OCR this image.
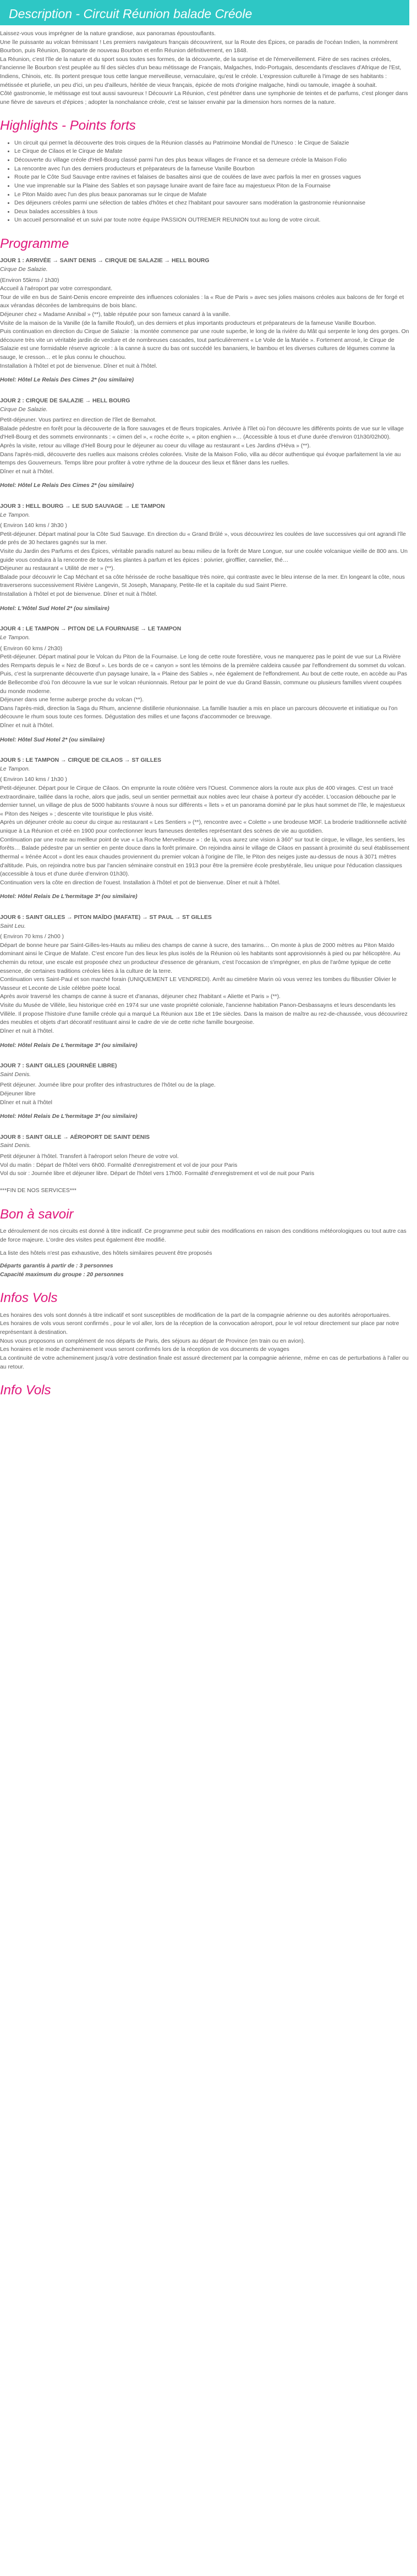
Description - Circuit Réunion balade Créole

Laissez-vous vous imprégner de la nature grandiose, aux panoramas époustouflants.

Une île puissante au volcan frémissant ! Les premiers navigateurs français découvrirent, sur la Route des Épices, ce paradis de l'océan Indien, la nommèrent Bourbon, puis Réunion, Bonaparte de nouveau Bourbon et enfin Réunion définitivement, en 1848.

La Réunion, c'est l'île de la nature et du sport sous toutes ses formes, de la découverte, de la surprise et de l'émerveillement. Fière de ses racines créoles, l'ancienne île Bourbon s'est peuplée au fil des siècles d'un beau métissage de Français, Malgaches, Indo-Portugais, descendants d'esclaves d'Afrique de l'Est, Indiens, Chinois, etc. Ils portent presque tous cette langue merveilleuse, vernaculaire, qu'est le créole. L'expression culturelle à l'image de ses habitants : métissée et plurielle, un peu d'ici, un peu d'ailleurs, héritée de vieux français, épicée de mots d'origine malgache, hindi ou tamoule, imagée à souhait.

Côté gastronomie, le métissage est tout aussi savoureux ! Découvrir La Réunion, c'est pénétrer dans une symphonie de teintes et de parfums, c'est plonger dans une fièvre de saveurs et d'épices ; adopter la nonchalance créole, c'est se laisser envahir par la dimension hors normes de la nature.

Highlights - Points forts
• Un circuit qui permet la découverte des trois cirques de la Réunion classés au Patrimoine Mondial de l'Unesco : le Cirque de Salazie
• Le Cirque de Cilaos et le Cirque de Mafate
• Découverte du village créole d'Hell-Bourg classé parmi l'un des plus beaux villages de France et sa demeure créole la Maison Folio
• La rencontre avec l'un des derniers producteurs et préparateurs de la fameuse Vanille Bourbon
• Route par le Côte Sud Sauvage entre ravines et falaises de basaltes ainsi que de coulées de lave avec parfois la mer en grosses vagues
• Une vue imprenable sur la Plaine des Sables et son paysage lunaire avant de faire face au majestueux Piton de la Fournaise
• Le Piton Maïdo avec l'un des plus beaux panoramas sur le cirque de Mafate
• Des déjeuners créoles parmi une sélection de tables d'hôtes et chez l'habitant pour savourer sans modération la gastronomie réunionnaise
• Deux balades accessibles à tous
• Un accueil personnalisé et un suivi par toute notre équipe PASSION OUTREMER REUNION tout au long de votre circuit.
Programme

JOUR 1 : ARRIVÉE → SAINT DENIS → CIRQUE DE SALAZIE → HELL BOURG

Cirque De Salazie.

(Environ 55kms / 1h30)

Accueil à l'aéroport par votre correspondant.

Tour de ville en bus de Saint-Denis encore empreinte des influences coloniales : la « Rue de Paris » avec ses jolies maisons créoles aux balcons de fer forgé et aux vérandas décorées de lambrequins de bois blanc.

Déjeuner chez « Madame Annibal » (**), table réputée pour son fameux canard à la vanille.

Visite de la maison de la Vanille (de la famille Roulof), un des derniers et plus importants producteurs et préparateurs de la fameuse Vanille Bourbon.

Puis continuation en direction du Cirque de Salazie : la montée commence par une route superbe, le long de la rivière du Mât qui serpente le long des gorges. On découvre très vite un véritable jardin de verdure et de nombreuses cascades, tout particulièrement « Le Voile de la Mariée ». Fortement arrosé, le Cirque de Salazie est une formidable réserve agricole : à la canne à sucre du bas ont succédé les bananiers, le bambou et les diverses cultures de légumes comme la sauge, le cresson… et le plus connu le chouchou.

Installation à l'hôtel et pot de bienvenue. Dîner et nuit à l'hôtel.

Hotel: Hôtel Le Relais Des Cimes 2* (ou similaire)

JOUR 2 : CIRQUE DE SALAZIE → HELL BOURG

Cirque De Salazie.

Petit-déjeuner. Vous partirez en direction de l'îlet de Bemahot.

Balade pédestre en forêt pour la découverte de la flore sauvages et de fleurs tropicales. Arrivée à l'îlet où l'on découvre les différents points de vue sur le village d'Hell-Bourg et des sommets environnants : « cimen del », « roche écrite », « piton enghien »… (Accessible à tous et d'une durée d'environ 01h30/02h00).

Après la visite, retour au village d'Hell Bourg pour le déjeuner au coeur du village au restaurant « Les Jardins d'Héva » (**).

Dans l'après-midi, découverte des ruelles aux maisons créoles colorées. Visite de la Maison Folio, villa au décor authentique qui évoque parfaitement la vie au temps des Gouverneurs. Temps libre pour profiter à votre rythme de la douceur des lieux et flâner dans les ruelles.

Dîner et nuit à l'hôtel.

Hotel: Hôtel Le Relais Des Cimes 2* (ou similaire)

JOUR 3 : HELL BOURG → LE SUD SAUVAGE → LE TAMPON

Le Tampon.

( Environ 140 kms / 3h30 )

Petit-déjeuner. Départ matinal pour la Côte Sud Sauvage. En direction du « Grand Brûlé », vous découvrirez les coulées de lave successives qui ont agrandi l'île de prés de 30 hectares gagnés sur la mer.

Visite du Jardin des Parfums et des Épices, véritable paradis naturel au beau milieu de la forêt de Mare Longue, sur une coulée volcanique vieille de 800 ans. Un guide vous conduira à la rencontre de toutes les plantes à parfum et les épices : poivrier, girofflier, cannelier, thé…

Déjeuner au restaurant « Utilité de mer » (**).

Balade pour découvrir le Cap Méchant et sa côte hérissée de roche basaltique très noire, qui contraste avec le bleu intense de la mer. En longeant la côte, nous traverserons successivement Rivière Langevin, St Joseph, Manapany, Petite-Ile et la capitale du sud Saint Pierre.

Installation à l'hôtel et pot de bienvenue. Dîner et nuit à l'hôtel.

Hotel: L'Hôtel Sud Hotel 2* (ou similaire)

JOUR 4 : LE TAMPON → PITON DE LA FOURNAISE → LE TAMPON

Le Tampon.

( Environ 60 kms / 2h30)

Petit-déjeuner. Départ matinal pour le Volcan du Piton de la Fournaise. Le long de cette route forestière, vous ne manquerez pas le point de vue sur La Rivière des Remparts depuis le « Nez de Bœuf ». Les bords de ce « canyon » sont les témoins de la première caldeira causée par l'effondrement du sommet du volcan. Puis, c'est la surprenante découverte d'un paysage lunaire, la « Plaine des Sables », née également de l'effondrement. Au bout de cette route, en accède au Pas de Bellecombe d'où l'on découvre la vue sur le volcan réunionnais. Retour par le point de vue du Grand Bassin, commune ou plusieurs familles vivent coupées du monde moderne.

Déjeuner dans une ferme auberge proche du volcan (**).

Dans l'après-midi, direction la Saga du Rhum, ancienne distillerie réunionnaise. La famille Isautier a mis en place un parcours découverte et initiatique ou l'on découvre le rhum sous toute ces formes. Dégustation des milles et une façons d'accommoder ce breuvage.

Dîner et nuit à l'hôtel.

Hotel: Hôtel Sud Hotel 2* (ou similaire)

JOUR 5 : LE TAMPON → CIRQUE DE CILAOS → ST GILLES

Le Tampon.

( Environ 140 kms / 1h30 )

Petit-déjeuner. Départ pour le Cirque de Cilaos. On emprunte la route côtière vers l'Ouest. Commence alors la route aux plus de 400 virages. C'est un tracé extraordinaire, taillée dans la roche, alors que jadis, seul un sentier permettait aux nobles avec leur chaise à porteur d'y accéder. L'occasion débouche par le dernier tunnel, un village de plus de 5000 habitants s'ouvre à nous sur différents « îlets » et un panorama dominé par le plus haut sommet de l'île, le majestueux « Piton des Neiges » ; descente vite touristique le plus visité.

Après un déjeuner créole au coeur du cirque au restaurant « Les Sentiers » (**), rencontre avec « Colette » une brodeuse MOF. La broderie traditionnelle activité unique à La Réunion et créé en 1900 pour confectionner leurs fameuses dentelles représentant des scènes de vie au quotidien.

Continuation par une route au meilleur point de vue « La Roche Merveilleuse » : de là, vous aurez une vision à 360° sur tout le cirque, le village, les sentiers, les forêts… Balade pédestre par un sentier en pente douce dans la forêt primaire. On rejoindra ainsi le village de Cilaos en passant à proximité du seul établissement thermal « Irénée Accot » dont les eaux chaudes proviennent du premier volcan à l'origine de l'île, le Piton des neiges juste au-dessus de nous à 3071 mètres d'altitude. Puis, on rejoindra notre bus par l'ancien séminaire construit en 1913 pour être la première école presbytérale, lieu unique pour l'éducation classiques (accessible à tous et d'une durée d'environ 01h30).

Continuation vers la côte en direction de l'ouest. Installation à l'hôtel et pot de bienvenue. Dîner et nuit à l'hôtel.

Hotel: Hôtel Relais De L'hermitage 3* (ou similaire)

JOUR 6 : SAINT GILLES → PITON MAÏDO (MAFATE) → ST PAUL → ST GILLES

Saint Leu.

( Environ 70 kms / 2h00 )

Départ de bonne heure par Saint-Gilles-les-Hauts au milieu des champs de canne à sucre, des tamarins… On monte à plus de 2000 mètres au Piton Maïdo dominant ainsi le Cirque de Mafate. C'est encore l'un des lieux les plus isolés de la Réunion où les habitants sont approvisionnés à pied ou par hélicoptère. Au chemin du retour, une escale est proposée chez un producteur d'essence de géranium, c'est l'occasion de s'imprégner, en plus de l'arôme typique de cette essence, de certaines traditions créoles liées à la culture de la terre.

Continuation vers Saint-Paul et son marché forain (UNIQUEMENT LE VENDREDI). Arrêt au cimetière Marin où vous verrez les tombes du flibustier Olivier le Vasseur et Leconte de Lisle célèbre poète local.

Après avoir traversé les champs de canne à sucre et d'ananas, déjeuner chez l'habitant « Aliette et Paris » (**).

Visite du Musée de Villèle, lieu historique créé en 1974 sur une vaste propriété coloniale, l'ancienne habitation Panon-Desbassayns et leurs descendants les Villèle. Il propose l'histoire d'une famille créole qui a marqué La Réunion aux 18e et 19e siècles. Dans la maison de maître au rez-de-chaussée, vous découvrirez des meubles et objets d'art décoratif restituant ainsi le cadre de vie de cette riche famille bourgeoise.

Dîner et nuit à l'hôtel.

Hotel: Hôtel Relais De L'hermitage 3* (ou similaire)

JOUR 7 : SAINT GILLES (JOURNÉE LIBRE)

Saint Denis.

Petit déjeuner. Journée libre pour profiter des infrastructures de l'hôtel ou de la plage.

Déjeuner libre

Dîner et nuit à l'hôtel

Hotel: Hôtel Relais De L'hermitage 3* (ou similaire)

JOUR 8 : SAINT GILLE → AÉROPORT DE SAINT DENIS

Saint Denis.

Petit déjeuner à l'hôtel. Transfert à l'aéroport selon l'heure de votre vol.

Vol du matin : Départ de l'hôtel vers 6h00. Formalité d'enregistrement et vol de jour pour Paris

Vol du soir : Journée libre et déjeuner libre. Départ de l'hôtel vers 17h00. Formalité d'enregistrement et vol de nuit pour Paris

***FIN DE NOS SERVICES***

Bon à savoir

Le déroulement de nos circuits est donné à titre indicatif. Ce programme peut subir des modifications en raison des conditions météorologiques ou tout autre cas de force majeure. L'ordre des visites peut également être modifié.

La liste des hôtels n'est pas exhaustive, des hôtels similaires peuvent être proposés

Départs garantis à partir de : 3 personnes

Capacité maximum du groupe : 20 personnes

Infos Vols

Les horaires des vols sont donnés à titre indicatif et sont susceptibles de modification de la part de la compagnie aérienne ou des autorités aéroportuaires.

Les horaires de vols vous seront confirmés , pour le vol aller, lors de la réception de la convocation aéroport, pour le vol retour directement sur place par notre représentant à destination.

Nous vous proposons un complément de nos départs de Paris, des séjours au départ de Province (en train ou en avion).

Les horaires et le mode d'acheminement vous seront confirmés lors de la réception de vos documents de voyages

La continuité de votre acheminement jusqu'à votre destination finale est assuré directement par la compagnie aérienne, même en cas de perturbations à l'aller ou au retour.

Info Vols
